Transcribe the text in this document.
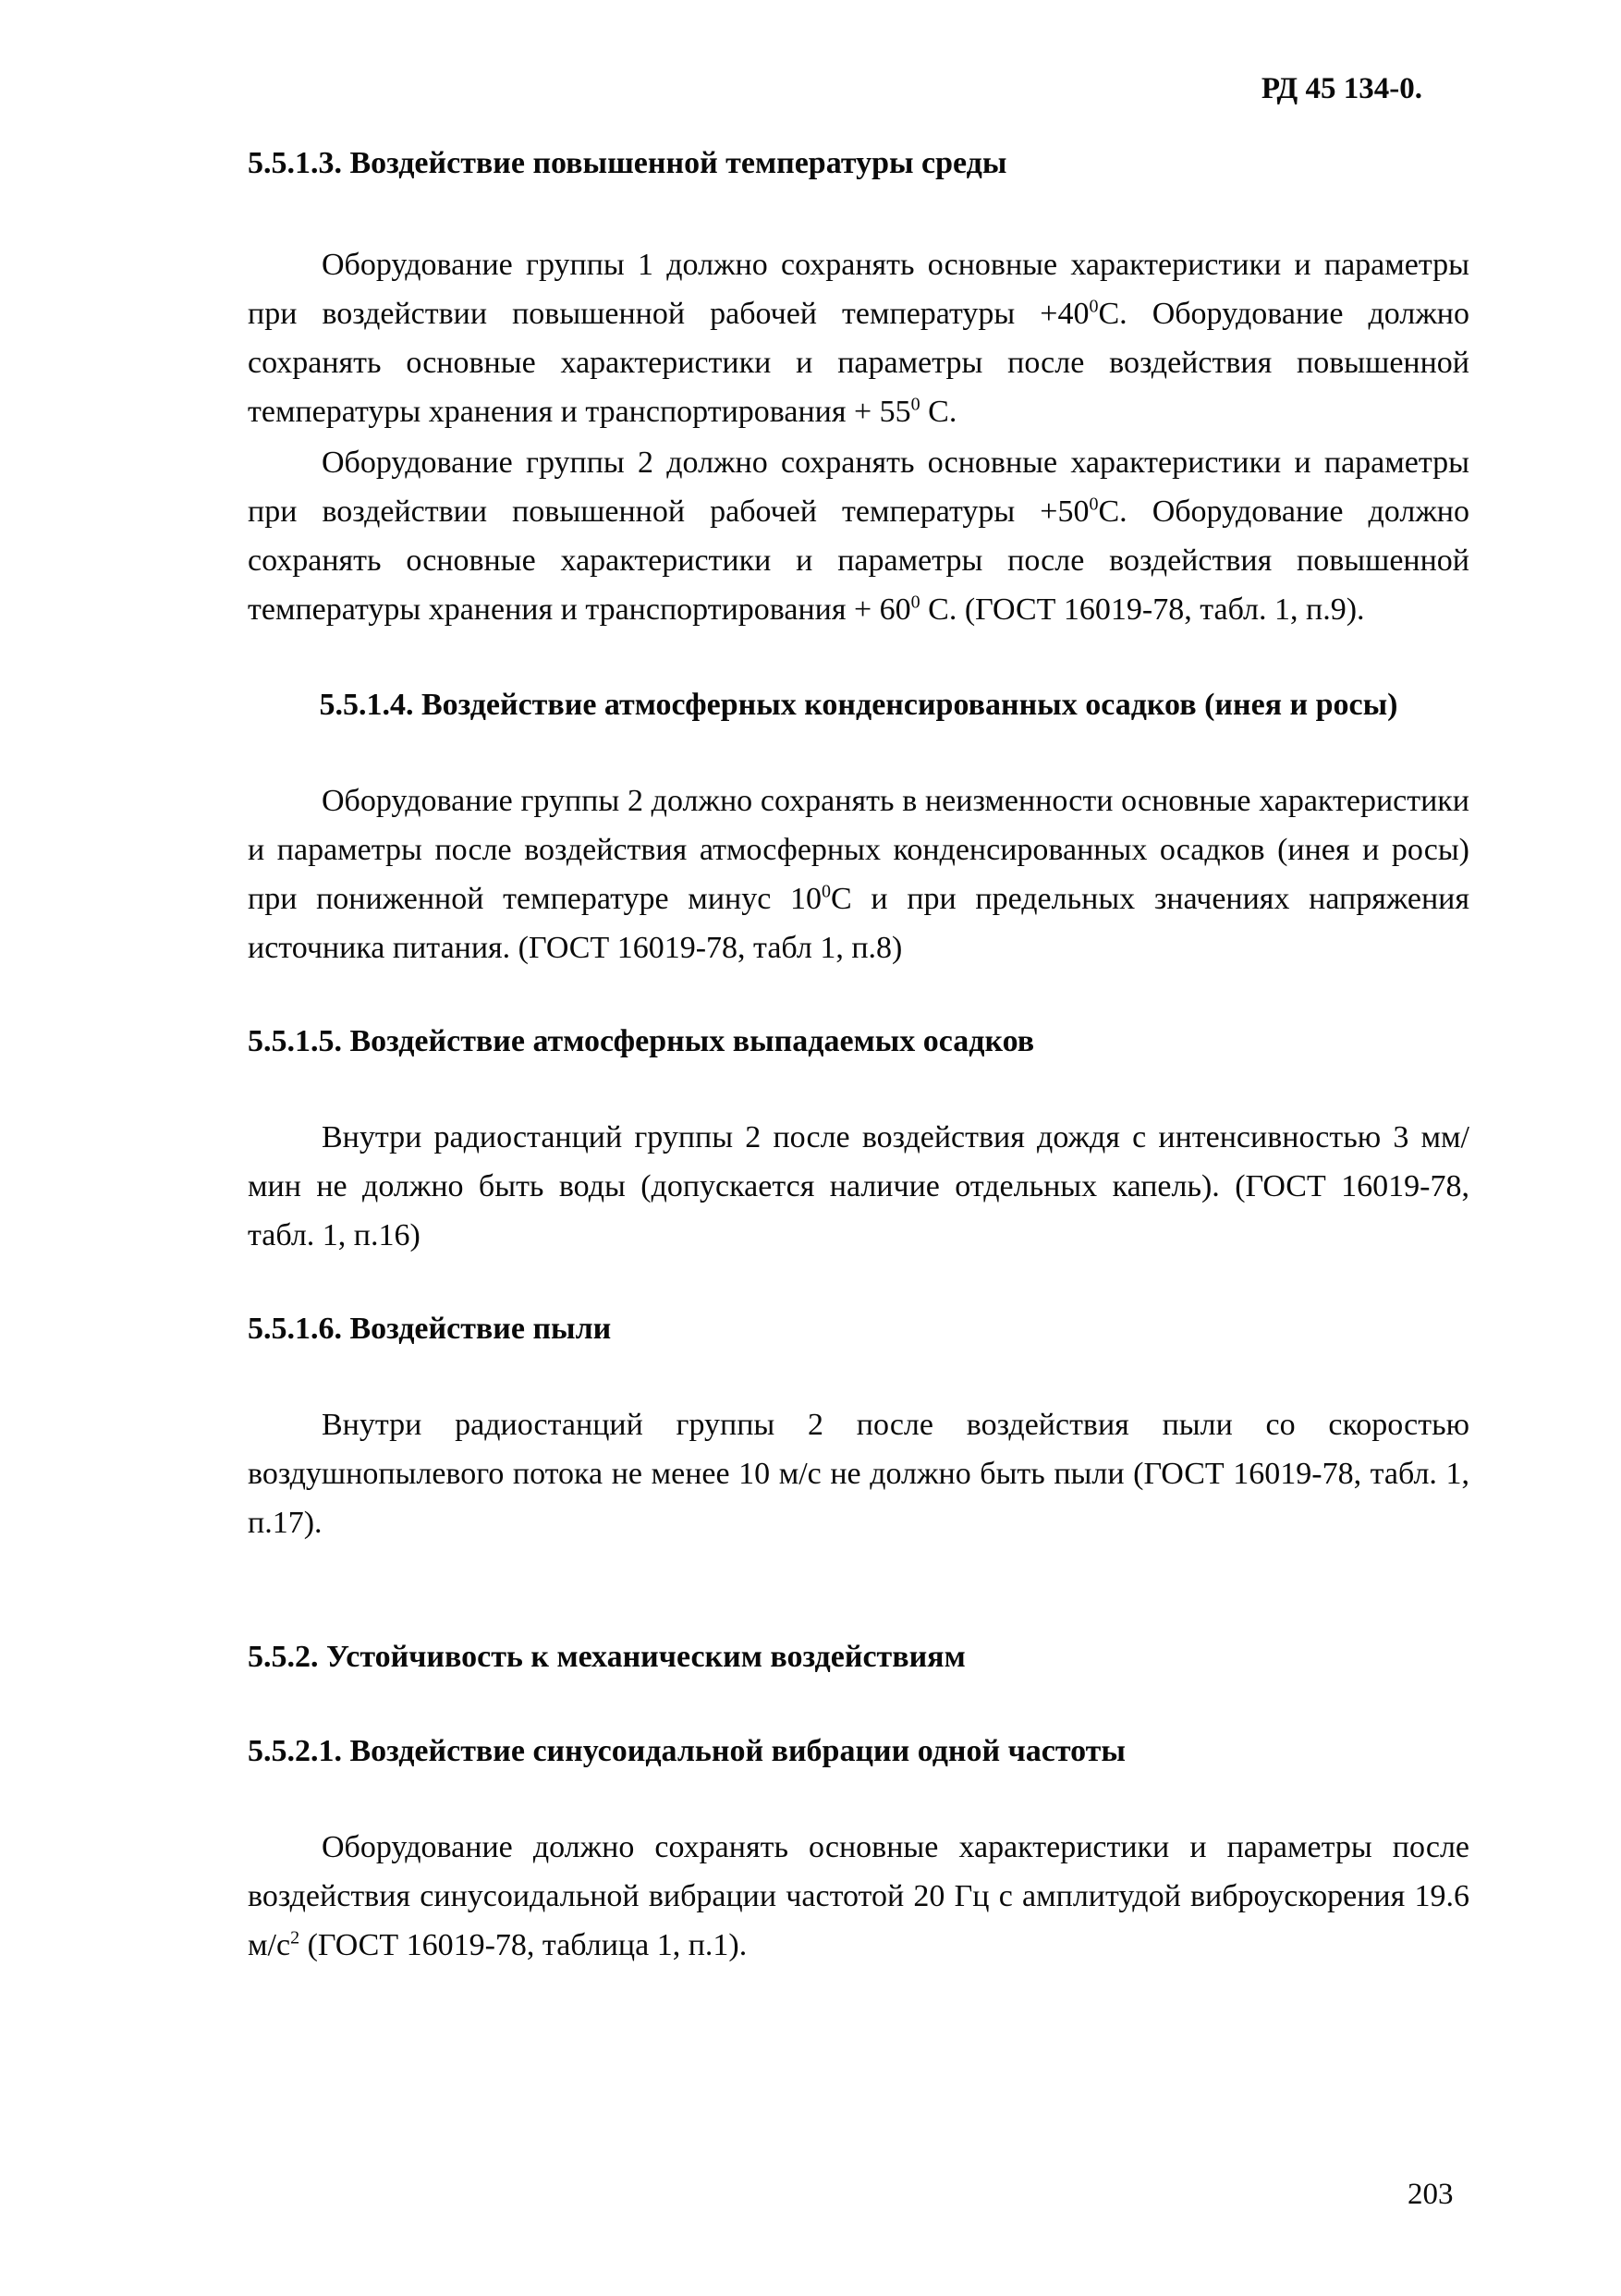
РД 45 134-0.
5.5.1.3. Воздействие повышенной температуры среды

Оборудование группы 1 должно сохранять основные характеристики и параметры при воздействии повышенной рабочей температуры $+40^0С$. Оборудование должно сохранять основные характеристики и параметры после воздействия повышенной температуры хранения и транспортирования + $55^0$ С.

Оборудование группы 2 должно сохранять основные характеристики и параметры при воздействии повышенной рабочей температуры $+50^0С$. Оборудование должно сохранять основные характеристики и параметры после воздействия повышенной температуры хранения и транспортирования + $60^0$ С. (ГОСТ 16019-78, табл. 1, п.9).

5.5.1.4. Воздействие атмосферных конденсированных осадков (инея и росы)

Оборудование группы 2 должно сохранять в неизменности основные характеристики и параметры после воздействия атмосферных конденсированных осадков (инея и росы) при пониженной температуре минус $10^0С$ и при предельных значениях напряжения источника питания. (ГОСТ 16019-78, табл 1, п.8)

5.5.1.5. Воздействие атмосферных выпадаемых осадков

Внутри радиостанций группы 2 после воздействия дождя с интенсивностью 3 мм/мин не должно быть воды (допускается наличие отдельных капель). (ГОСТ 16019-78, табл. 1, п.16)

5.5.1.6. Воздействие пыли

Внутри радиостанций группы 2 после воздействия пыли со скоростью воздушнопылевого потока не менее 10 м/с не должно быть пыли (ГОСТ 16019-78, табл. 1, п.17).

5.5.2. Устойчивость к механическим воздействиям
5.5.2.1. Воздействие синусоидальной вибрации одной частоты

Оборудование должно сохранять основные характеристики и параметры после воздействия синусоидальной вибрации частотой 20 Гц с амплитудой виброускорения 19.6 $м/с^2$ (ГОСТ 16019-78, таблица 1, п.1).

203
